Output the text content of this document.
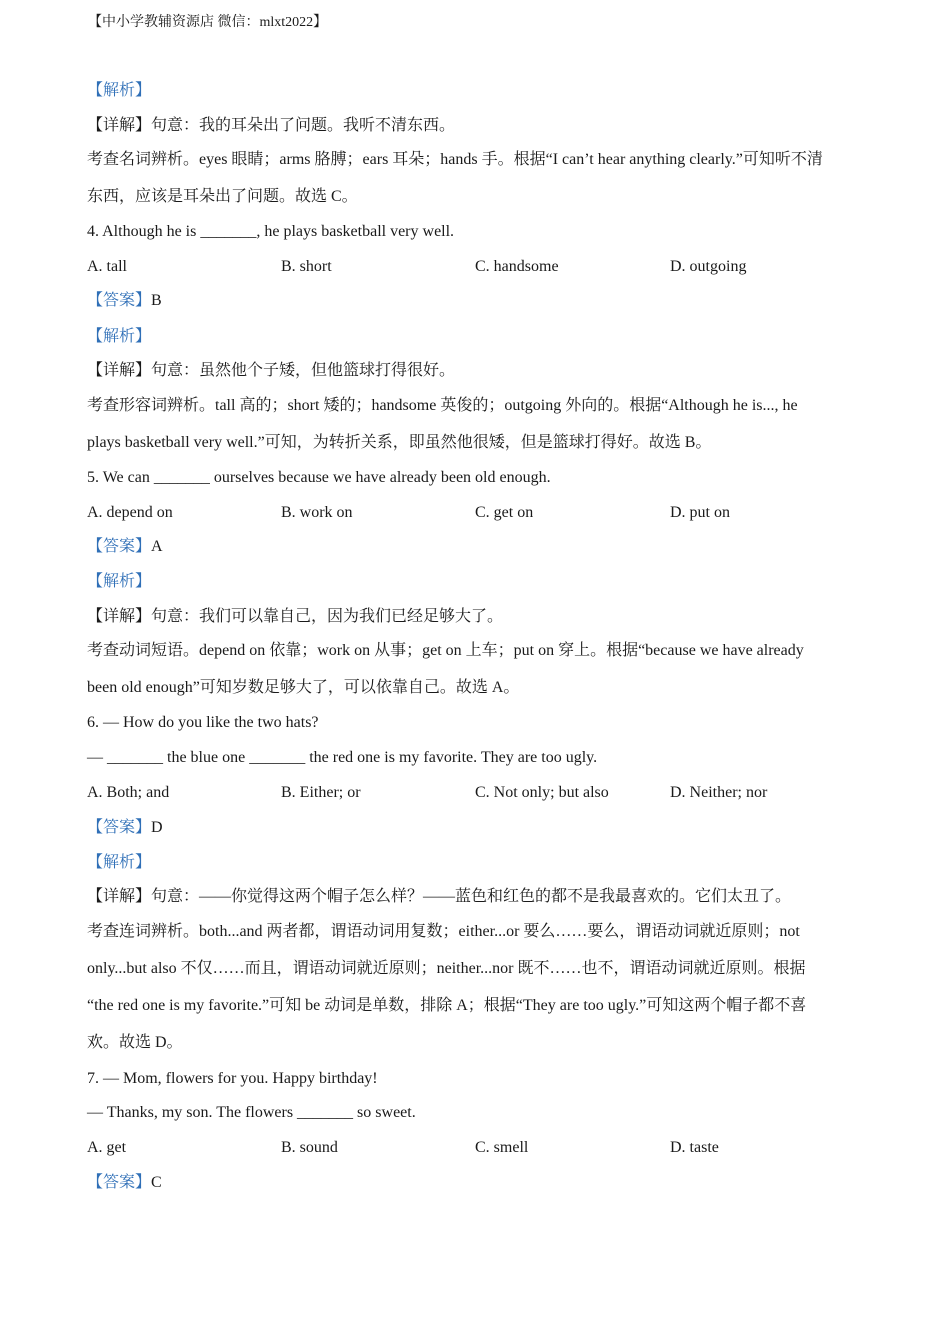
【中小学教辅资源店 微信：mlxt2022】
【解析】
【详解】句意：我的耳朵出了问题。我听不清东西。
考查名词辨析。eyes 眼睛；arms 胳膊；ears 耳朵；hands 手。根据“I can’t hear anything clearly.”可知听不清
东西，应该是耳朵出了问题。故选 C。
4. Although he is _______, he plays basketball very well.
A. tall	B. short	C. handsome	D. outgoing
【答案】B
【解析】
【详解】句意：虽然他个子矮，但他篮球打得很好。
考查形容词辨析。tall 高的；short 矮的；handsome 英俊的；outgoing 外向的。根据“Although he is..., he
plays basketball very well.”可知，为转折关系，即虽然他很矮，但是篮球打得好。故选 B。
5. We can _______ ourselves because we have already been old enough.
A. depend on	B. work on	C. get on	D. put on
【答案】A
【解析】
【详解】句意：我们可以靠自己，因为我们已经足够大了。
考查动词短语。depend on 依靠；work on 从事；get on 上车；put on 穿上。根据“because we have already
been old enough”可知岁数足够大了，可以依靠自己。故选 A。
6. — How do you like the two hats?
— _______ the blue one _______ the red one is my favorite. They are too ugly.
A. Both; and	B. Either; or	C. Not only; but also	D. Neither; nor
【答案】D
【解析】
【详解】句意：——你觉得这两个帽子怎么样？——蓝色和红色的都不是我最喜欢的。它们太丑了。
考查连词辨析。both...and 两者都，谓语动词用复数；either...or 要么……要么，谓语动词就近原则；not
only...but also 不仅……而且，谓语动词就近原则；neither...nor 既不……也不，谓语动词就近原则。根据
“the red one is my favorite.”可知 be 动词是单数，排除 A；根据“They are too ugly.”可知这两个帽子都不喜
欢。故选 D。
7. — Mom, flowers for you. Happy birthday!
— Thanks, my son. The flowers _______ so sweet.
A. get	B. sound	C. smell	D. taste
【答案】C
